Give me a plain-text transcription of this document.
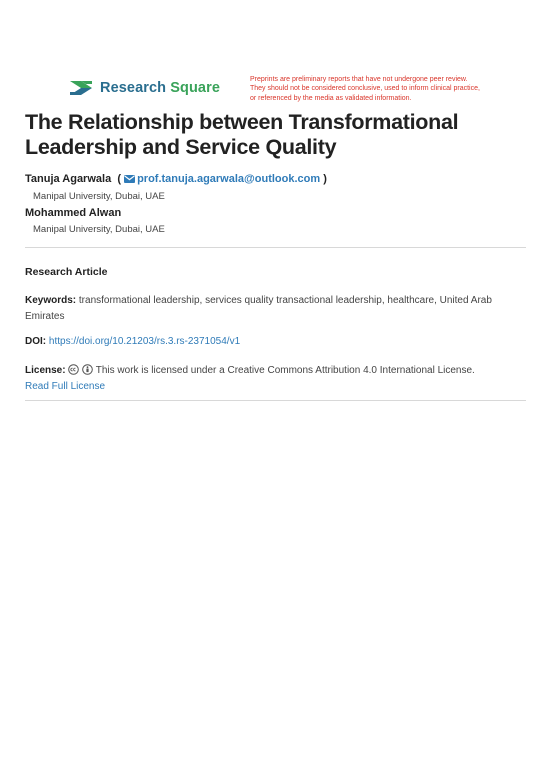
Research Square
Preprints are preliminary reports that have not undergone peer review.
They should not be considered conclusive, used to inform clinical practice,
or referenced by the media as validated information.
The Relationship between Transformational
Leadership and Service Quality
Tanuja Agarwala ( prof.tanuja.agarwala@outlook.com )
Manipal University, Dubai, UAE
Mohammed Alwan
Manipal University, Dubai, UAE
Research Article
Keywords: transformational leadership, services quality transactional leadership, healthcare, United Arab Emirates
DOI: https://doi.org/10.21203/rs.3.rs-2371054/v1
License:	This work is licensed under a Creative Commons Attribution 4.0 International License.
Read Full License
